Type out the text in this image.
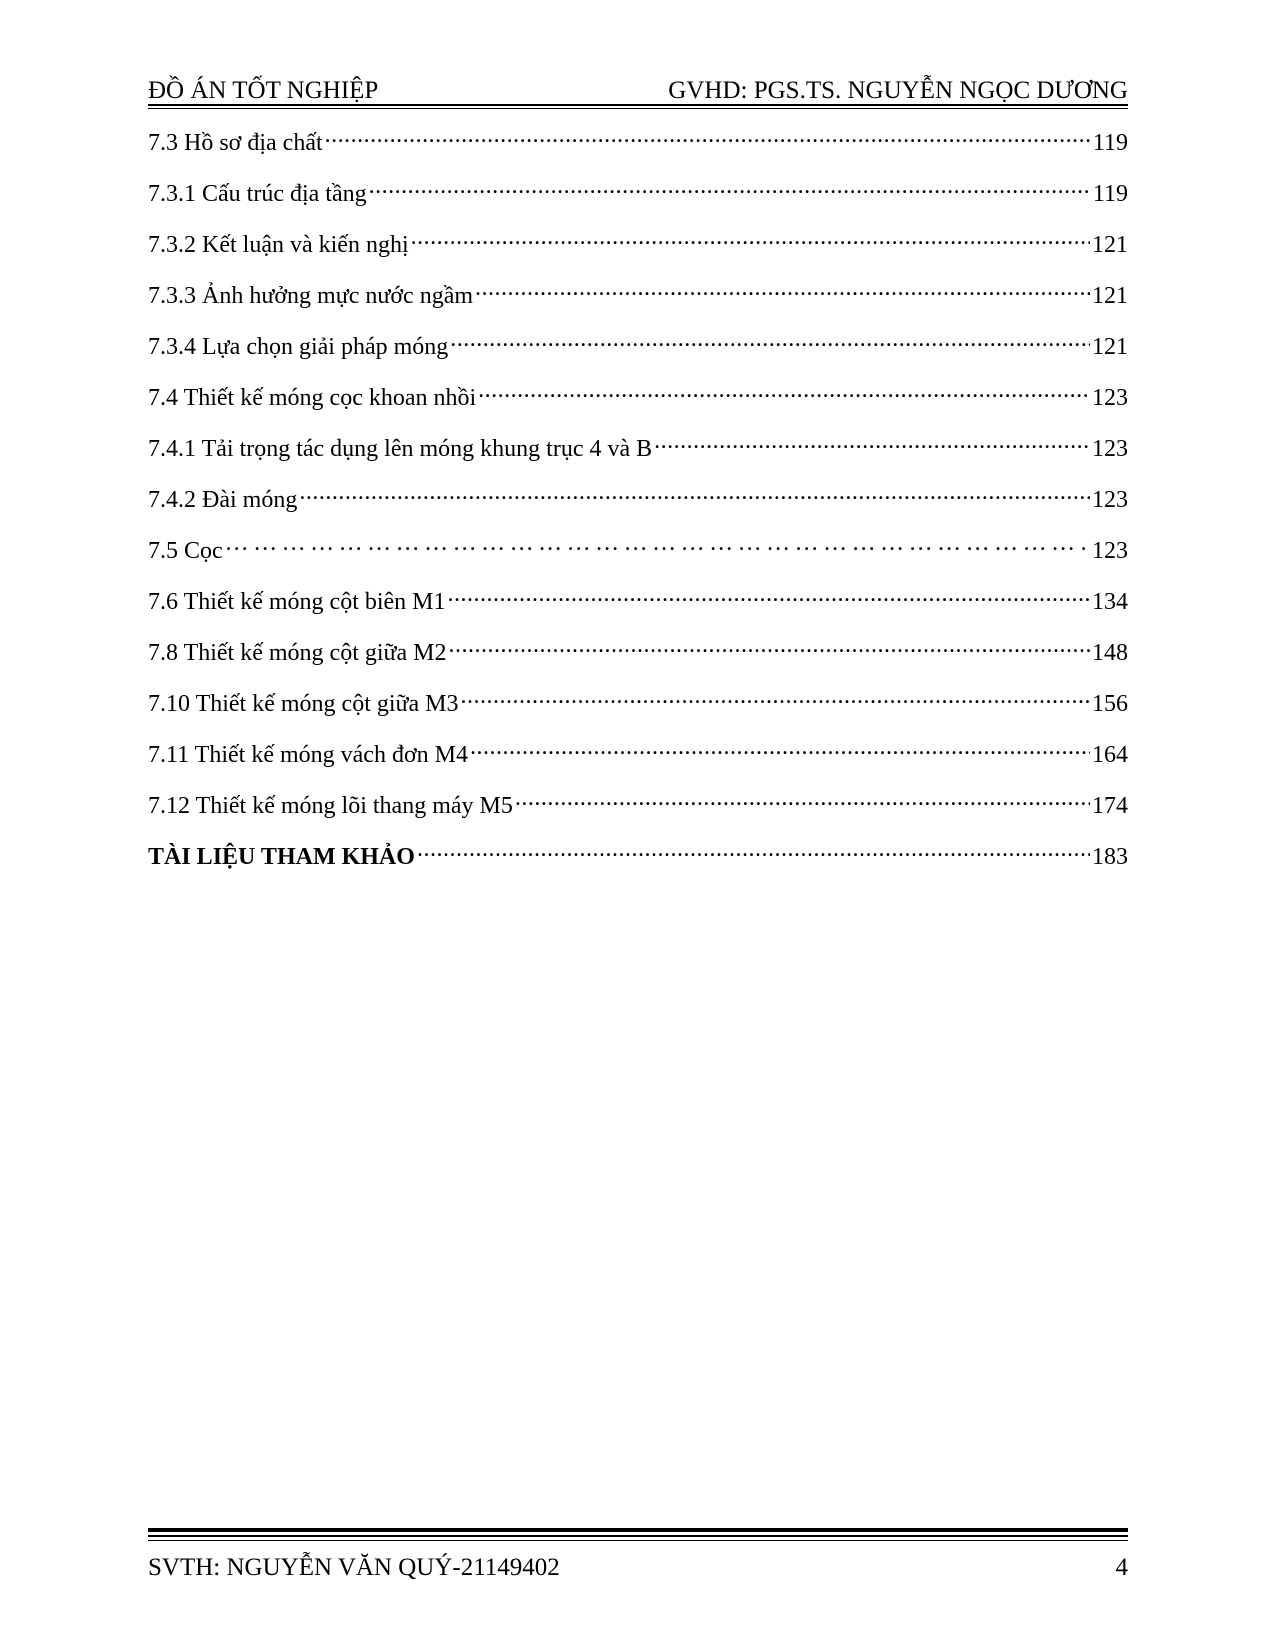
ĐỒ ÁN TỐT NGHIỆP	GVHD: PGS.TS. NGUYỄN NGỌC DƯƠNG
7.3 Hồ sơ địa chất .....	119
7.3.1 Cấu trúc địa tầng .....	119
7.3.2 Kết luận và kiến nghị .....	121
7.3.3 Ảnh hưởng mực nước ngầm .....	121
7.3.4 Lựa chọn giải pháp móng .....	121
7.4 Thiết kế móng cọc khoan nhồi .....	123
7.4.1 Tải trọng tác dụng lên móng khung trục 4 và B .....	123
7.4.2 Đài móng .....	123
7.5 Cọc …………………………………………………………………………………………………………………………………………………………………………………………………………	123
7.6 Thiết kế móng cột biên M1 .....	134
7.8 Thiết kế móng cột giữa M2 .....	148
7.10 Thiết kế móng cột giữa M3 .....	156
7.11 Thiết kế móng vách đơn M4 .....	164
7.12 Thiết kế móng lõi thang máy M5 .....	174
TÀI LIỆU THAM KHẢO .....	183
SVTH: NGUYỄN VĂN QUÝ-21149402	4
